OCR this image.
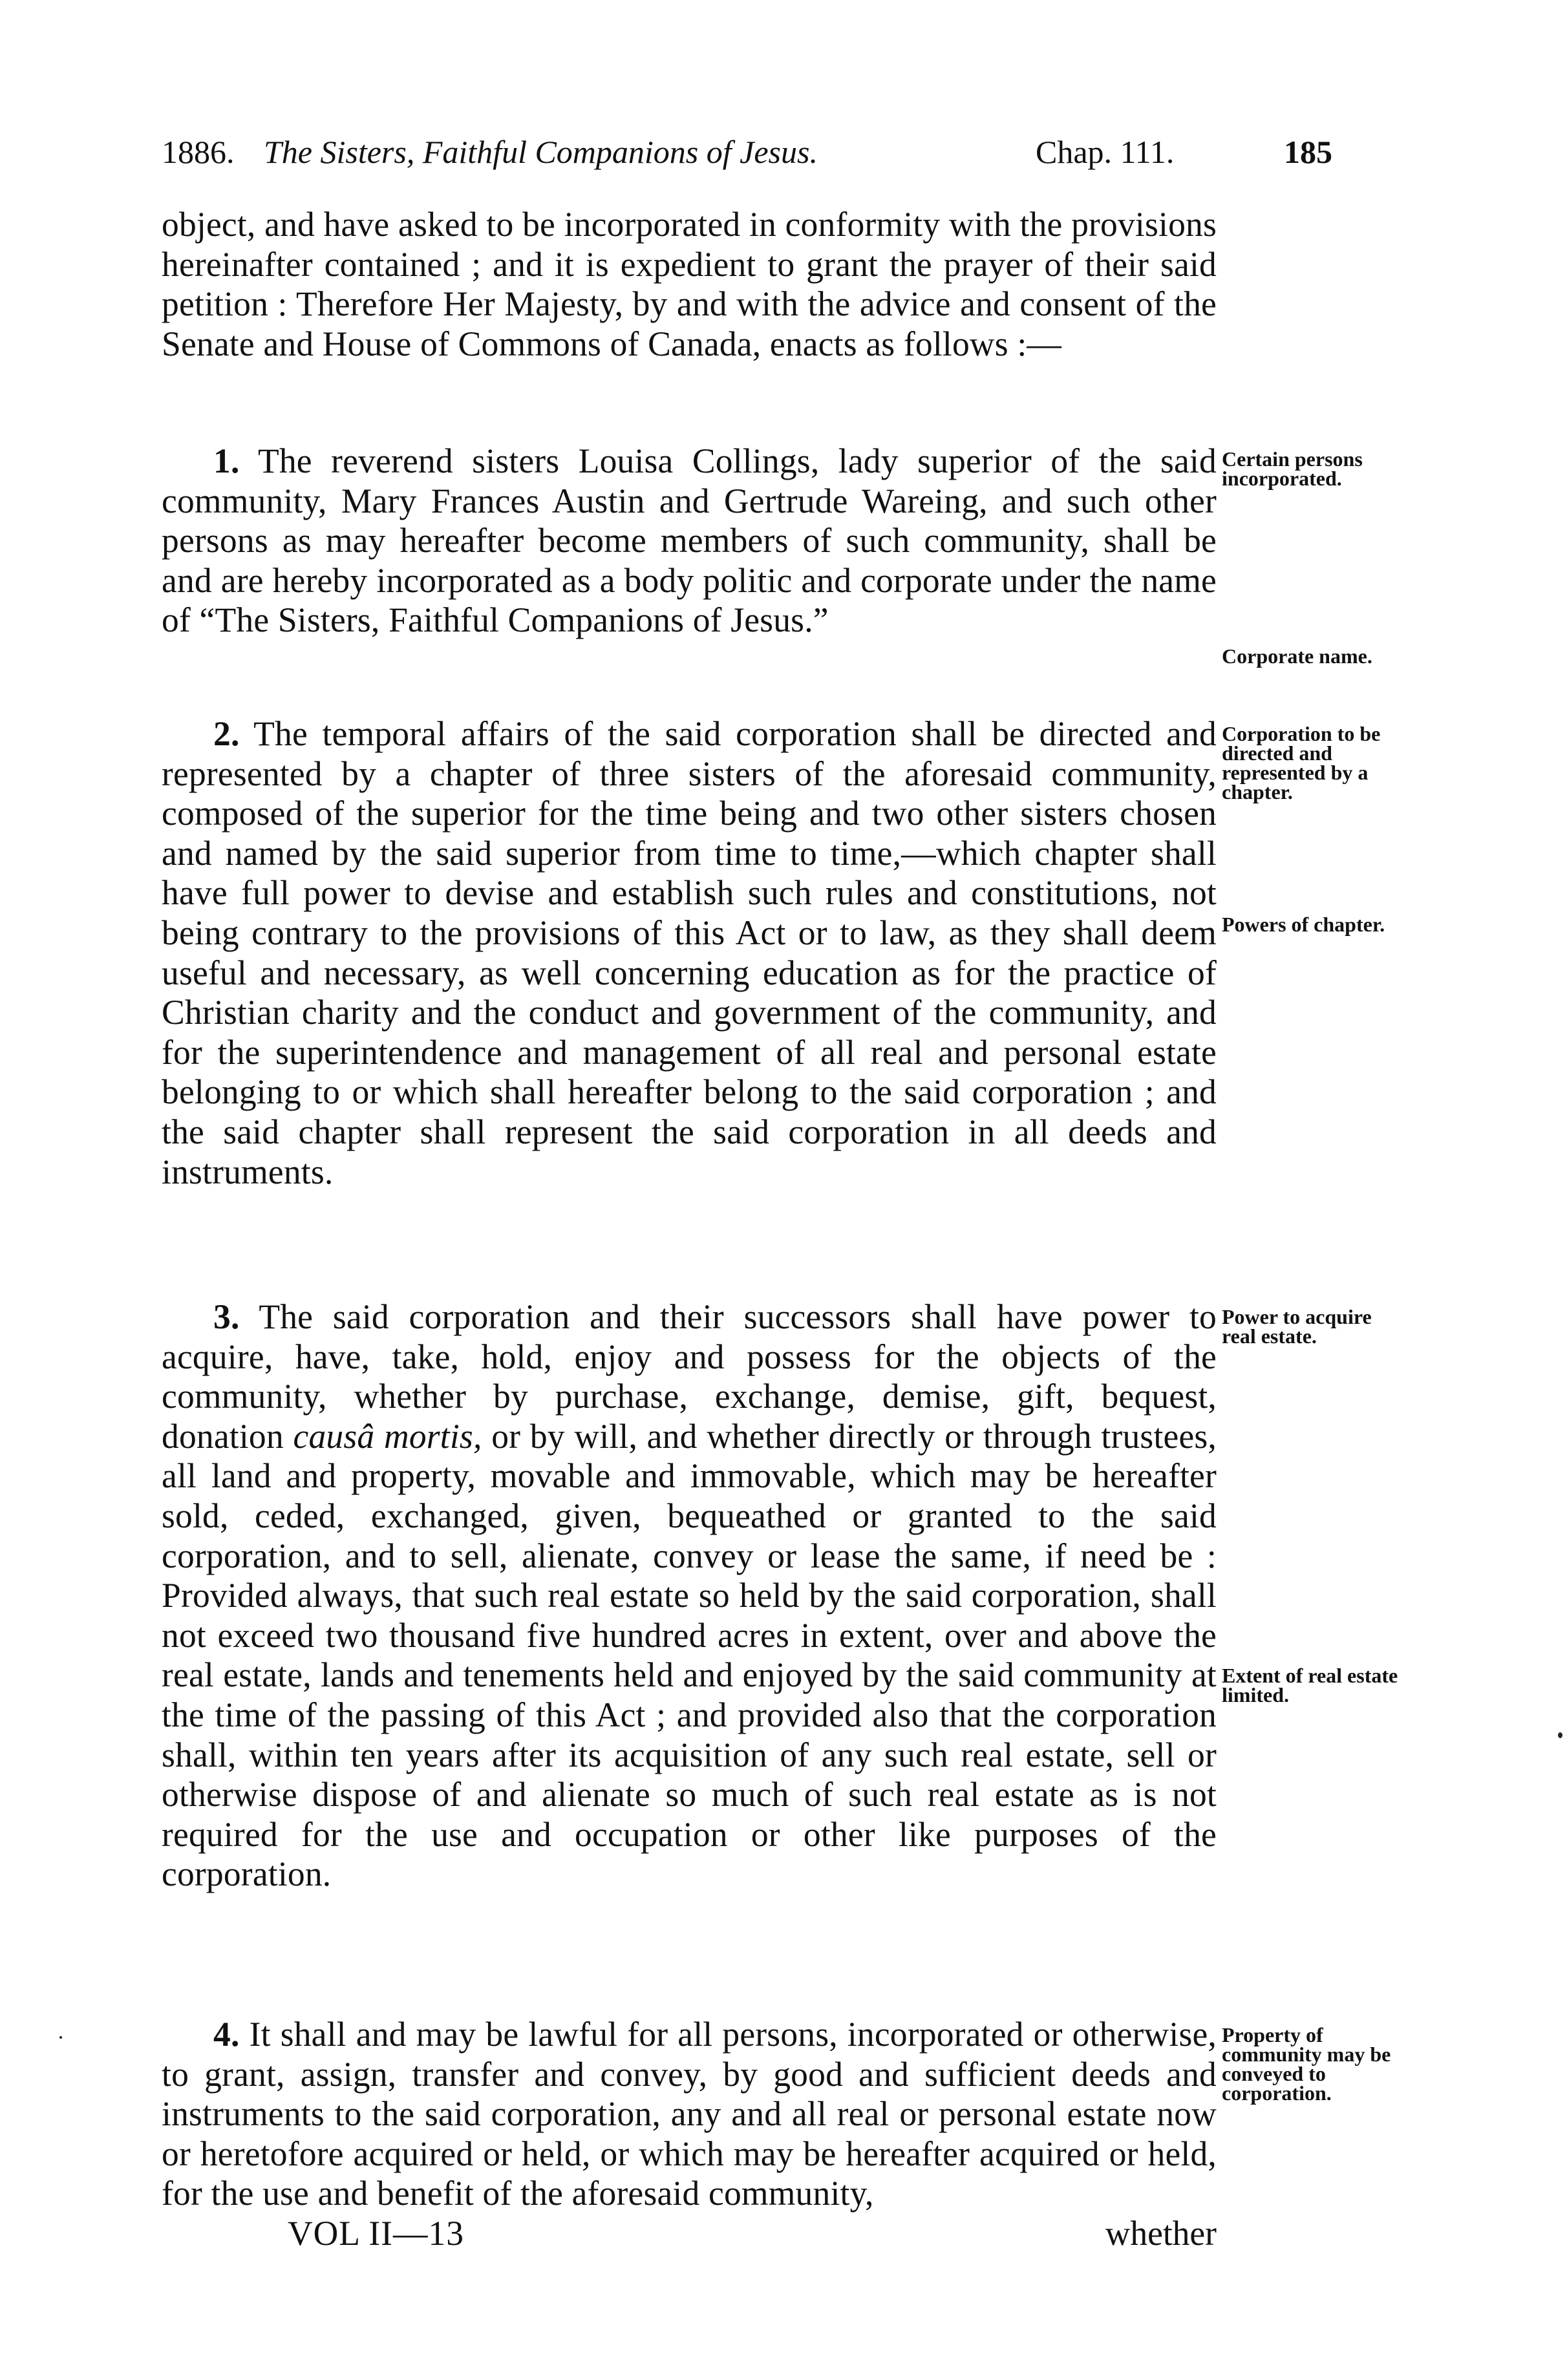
1886. The Sisters, Faithful Companions of Jesus.	Chap. 111.	185

object, and have asked to be incorporated in conformity with the provisions hereinafter contained ; and it is expedient to grant the prayer of their said petition : Therefore Her Majesty, by and with the advice and consent of the Senate and House of Commons of Canada, enacts as follows :—

1. The reverend sisters Louisa Collings, lady superior of the said community, Mary Frances Austin and Gertrude Wareing, and such other persons as may hereafter become members of such community, shall be and are hereby incorporated as a body politic and corporate under the name of “The Sisters, Faithful Companions of Jesus.”

2. The temporal affairs of the said corporation shall be directed and represented by a chapter of three sisters of the aforesaid community, composed of the superior for the time being and two other sisters chosen and named by the said superior from time to time,—which chapter shall have full power to devise and establish such rules and constitutions, not being contrary to the provisions of this Act or to law, as they shall deem useful and necessary, as well concerning education as for the practice of Christian charity and the conduct and government of the community, and for the superintendence and management of all real and personal estate belonging to or which shall hereafter belong to the said corporation ; and the said chapter shall represent the said corporation in all deeds and instruments.

3. The said corporation and their successors shall have power to acquire, have, take, hold, enjoy and possess for the objects of the community, whether by purchase, exchange, demise, gift, bequest, donation causâ mortis, or by will, and whether directly or through trustees, all land and property, movable and immovable, which may be hereafter sold, ceded, exchanged, given, bequeathed or granted to the said corporation, and to sell, alienate, convey or lease the same, if need be : Provided always, that such real estate so held by the said corporation, shall not exceed two thousand five hundred acres in extent, over and above the real estate, lands and tenements held and enjoyed by the said community at the time of the passing of this Act ; and provided also that the corporation shall, within ten years after its acquisition of any such real estate, sell or otherwise dispose of and alienate so much of such real estate as is not required for the use and occupation or other like purposes of the corporation.

4. It shall and may be lawful for all persons, incorporated or otherwise, to grant, assign, transfer and convey, by good and sufficient deeds and instruments to the said corporation, any and all real or personal estate now or heretofore acquired or held, or which may be hereafter acquired or held, for the use and benefit of the aforesaid community,

Certain persons incorporated.
Corporate name.
Corporation to be directed and represented by a chapter.
Powers of chapter.
Power to acquire real estate.
Extent of real estate limited.
Property of community may be conveyed to corporation.
VOL II—13	whether
